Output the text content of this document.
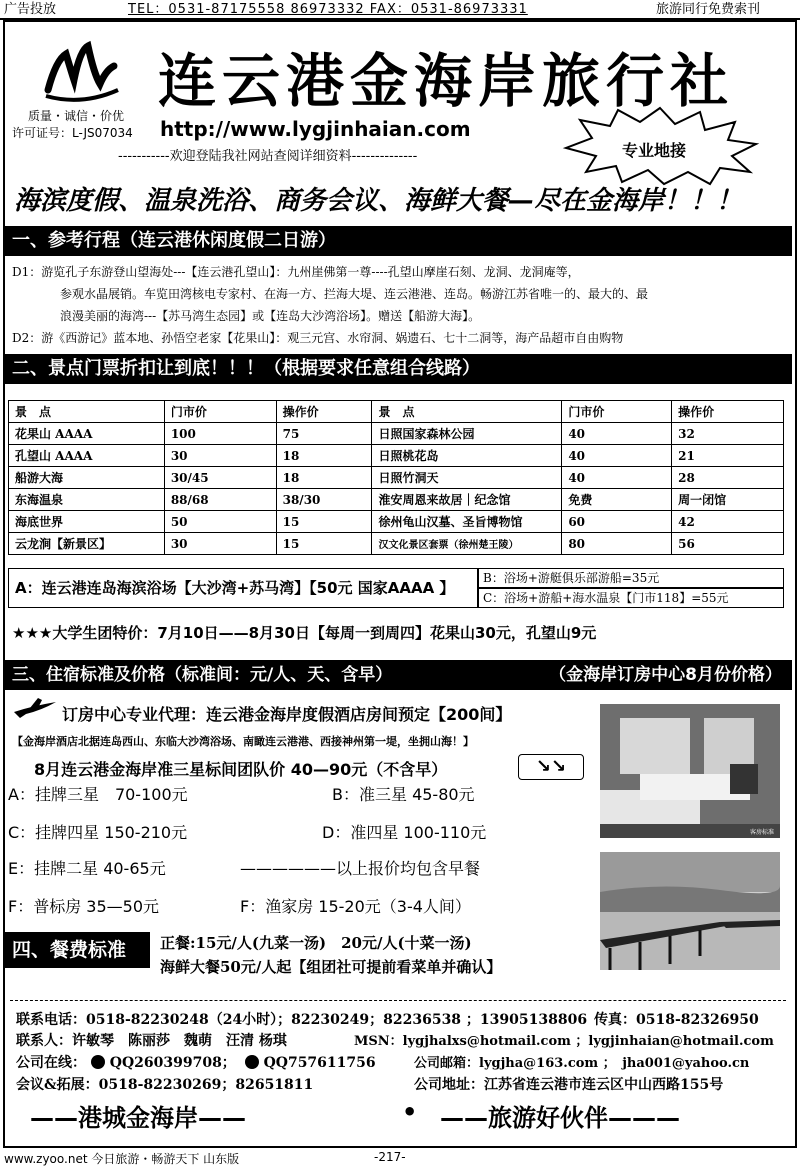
广告投放	TEL：0531-87175558 86973332 FAX：0531-86973331	旅游同行免费索刊
连云港金海岸旅行社
质量・诚信・价优
许可证号：L-JS07034 http://www.lygjinhaian.com
-----------欢迎登陆我社网站查阅详细资料--------------	专业地接
海滨度假、温泉洗浴、商务会议、海鲜大餐—尽在金海岸！！！
一、参考行程（连云港休闲度假二日游）
D1：游览孔子东游登山望海处---【连云港孔望山】：九州崖佛第一尊----孔望山摩崖石刻、龙洞、龙洞庵等，
参观水晶展销。车览田湾核电专家村、在海一方、拦海大堤、连云港港、连岛。畅游江苏省唯一的、最大的、最
浪漫美丽的海湾---【苏马湾生态园】或【连岛大沙湾浴场】。赠送【船游大海】。
D2：游《西游记》蓝本地、孙悟空老家【花果山】：观三元宫、水帘洞、娲遗石、七十二洞等，海产品超市自由购物
二、景点门票折扣让到底！！！（根据要求任意组合线路）
景　点	门市价	操作价	景　点	门市价	操作价
花果山 AAAA	100	75	日照国家森林公园	40	32
孔望山 AAAA	30	18	日照桃花岛	40	21
船游大海	30/45	18	日照竹洞天	40	28
东海温泉	88/68	38/30	淮安周恩来故居｜纪念馆	免费	周一闭馆
海底世界	50	15	徐州龟山汉墓、圣旨博物馆	60	42
云龙涧【新景区】	30	15	汉文化景区套票（徐州楚王陵）	80	56
A：连云港连岛海滨浴场【大沙湾+苏马湾】【50元 国家AAAA 】
B：浴场+游艇俱乐部游船=35元
C：浴场+游船+海水温泉【门市118】=55元
★★★大学生团特价：7月10日——8月30日【每周一到周四】花果山30元，孔望山9元
三、住宿标准及价格（标准间：元/人、天、含早）	（金海岸订房中心8月份价格）
订房中心专业代理：连云港金海岸度假酒店房间预定【200间】
【金海岸酒店北据连岛西山、东临大沙湾浴场、南瞰连云港港、西接神州第一堤，坐拥山海！】
8月连云港金海岸准三星标间团队价 40—90元（不含早）	↘↘
A：挂牌三星　70-100元	B：准三星 45-80元
C：挂牌四星 150-210元	D：准四星 100-110元
E：挂牌二星 40-65元	——————以上报价均包含早餐
F：普标房 35—50元	F：渔家房 15-20元（3-4人间）
客房标准
四、餐费标准	正餐:15元/人(九菜一汤)　20元/人(十菜一汤)
海鲜大餐50元/人起【组团社可提前看菜单并确认】
联系电话：0518-82230248（24小时）；82230249；82236538 ；13905138806 传真：0518-82326950
联系人：许敏琴　陈丽莎　魏萌　汪清 杨琪	MSN：lygjhalxs@hotmail.com ；lygjinhaian@hotmail.com
公司在线： QQ260399708； QQ757611756	公司邮箱：lygjha@163.com ；　jha001@yahoo.cn
会议&拓展：0518-82230269；82651811	公司地址：江苏省连云港市连云区中山西路155号
——港城金海岸——	• ——旅游好伙伴———
www.zyoo.net 今日旅游・畅游天下 山东版	-217-
